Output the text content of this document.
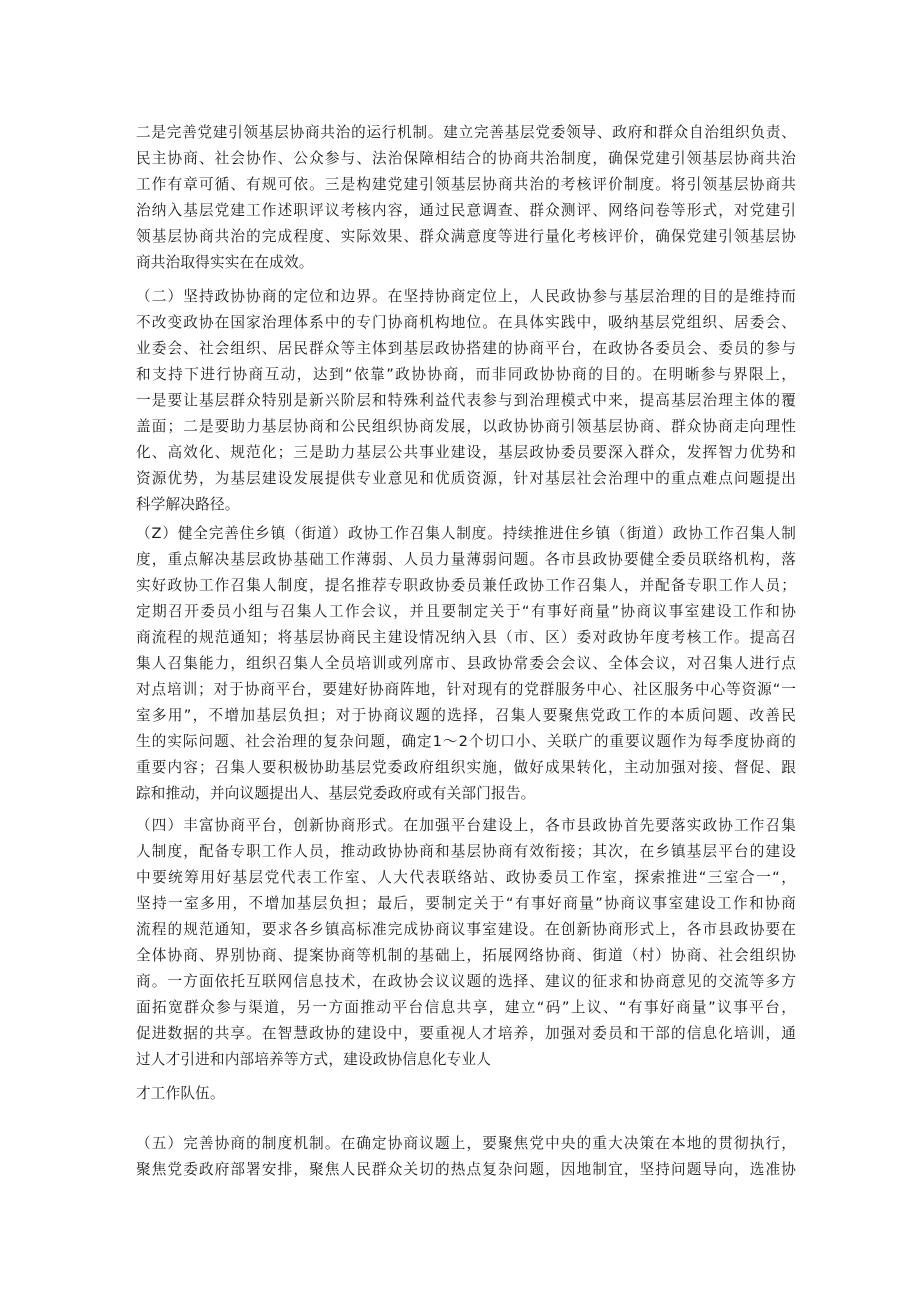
二是完善党建引领基层协商共治的运行机制。建立完善基层党委领导、政府和群众自治组织负责、
民主协商、社会协作、公众参与、法治保障相结合的协商共治制度，确保党建引领基层协商共治
工作有章可循、有规可依。三是构建党建引领基层协商共治的考核评价制度。将引领基层协商共
治纳入基层党建工作述职评议考核内容，通过民意调查、群众测评、网络问卷等形式，对党建引
领基层协商共治的完成程度、实际效果、群众满意度等进行量化考核评价，确保党建引领基层协
商共治取得实实在在成效。
（二）坚持政协协商的定位和边界。在坚持协商定位上，人民政协参与基层治理的目的是维持而
不改变政协在国家治理体系中的专门协商机构地位。在具体实践中，吸纳基层党组织、居委会、
业委会、社会组织、居民群众等主体到基层政协搭建的协商平台，在政协各委员会、委员的参与
和支持下进行协商互动，达到“依靠”政协协商，而非同政协协商的目的。在明晰参与界限上，
一是要让基层群众特别是新兴阶层和特殊利益代表参与到治理模式中来，提高基层治理主体的覆
盖面；二是要助力基层协商和公民组织协商发展，以政协协商引领基层协商、群众协商走向理性
化、高效化、规范化；三是助力基层公共事业建设，基层政协委员要深入群众，发挥智力优势和
资源优势，为基层建设发展提供专业意见和优质资源，针对基层社会治理中的重点难点问题提出
科学解决路径。
（Z）健全完善住乡镇（街道）政协工作召集人制度。持续推进住乡镇（街道）政协工作召集人制
度，重点解决基层政协基础工作薄弱、人员力量薄弱问题。各市县政协要健全委员联络机构，落
实好政协工作召集人制度，提名推荐专职政协委员兼任政协工作召集人，并配备专职工作人员；
定期召开委员小组与召集人工作会议，并且要制定关于“有事好商量”协商议事室建设工作和协
商流程的规范通知；将基层协商民主建设情况纳入县（市、区）委对政协年度考核工作。提高召
集人召集能力，组织召集人全员培训或列席市、县政协常委会会议、全体会议，对召集人进行点
对点培训；对于协商平台，要建好协商阵地，针对现有的党群服务中心、社区服务中心等资源“一
室多用”，不增加基层负担；对于协商议题的选择，召集人要聚焦党政工作的本质问题、改善民
生的实际问题、社会治理的复杂问题，确定1〜2个切口小、关联广的重要议题作为每季度协商的
重要内容；召集人要积极协助基层党委政府组织实施，做好成果转化，主动加强对接、督促、跟
踪和推动，并向议题提出人、基层党委政府或有关部门报告。
（四）丰富协商平台，创新协商形式。在加强平台建设上，各市县政协首先要落实政协工作召集
人制度，配备专职工作人员，推动政协协商和基层协商有效衔接；其次，在乡镇基层平台的建设
中要统筹用好基层党代表工作室、人大代表联络站、政协委员工作室，探索推进“三室合一“，
坚持一室多用，不增加基层负担；最后，要制定关于“有事好商量”协商议事室建设工作和协商
流程的规范通知，要求各乡镇高标准完成协商议事室建设。在创新协商形式上，各市县政协要在
全体协商、界别协商、提案协商等机制的基础上，拓展网络协商、街道（村）协商、社会组织协
商。一方面依托互联网信息技术，在政协会议议题的选择、建议的征求和协商意见的交流等多方
面拓宽群众参与渠道，另一方面推动平台信息共享，建立“码”上议、“有事好商量”议事平台，
促进数据的共享。在智慧政协的建设中，要重视人才培养，加强对委员和干部的信息化培训，通
过人才引进和内部培养等方式，建设政协信息化专业人
才工作队伍。
（五）完善协商的制度机制。在确定协商议题上，要聚焦党中央的重大决策在本地的贯彻执行，
聚焦党委政府部署安排，聚焦人民群众关切的热点复杂问题，因地制宜，坚持问题导向，选准协
